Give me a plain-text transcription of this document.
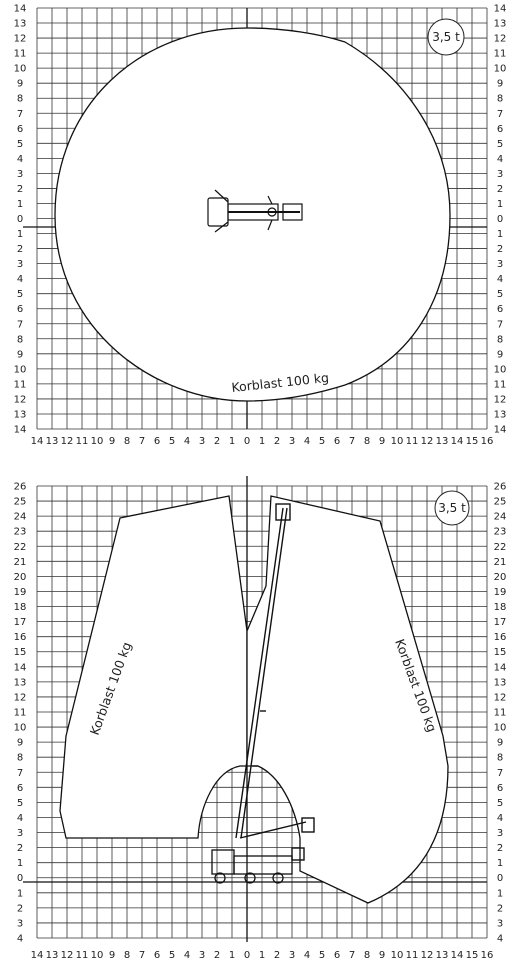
14
13
12
11
10
9
8
7
6
5
4
3
2
1
0
1
2
3
4
5
6
7
8
9
10
11
12
13
14
14
13
12
11
10
9
8
7
6
5
4
3
2
1
0
1
2
3
4
5
6
7
8
9
10
11
12
13
14
14 13 12 11 10 9 8 7 6 5 4 3 2 1 0 1 2 3 4 5 6 7 8 9 10 11 12 13 14 15 16
3,5 t
Korblast 100 kg
26
25
24
23
22
21
20
19
18
17
16
15
14
13
12
11
10
9
8
7
6
5
4
3
2
1
0
1
2
3
4
26
25
24
23
22
21
20
19
18
17
16
15
14
13
12
11
10
9
8
7
6
5
4
3
2
1
0
1
2
3
4
14 13 12 11 10 9 8 7 6 5 4 3 2 1 0 1 2 3 4 5 6 7 8 9 10 11 12 13 14 15 16
3,5 t
Korblast 100 kg	Korblast 100 kg
